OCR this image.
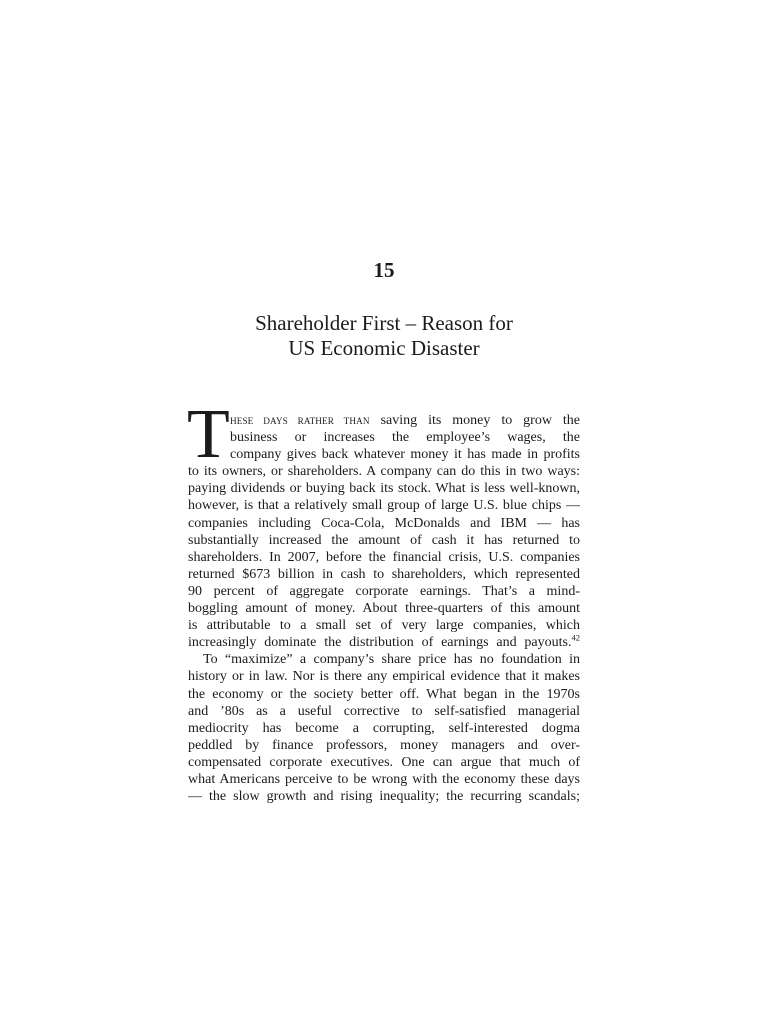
15
Shareholder First – Reason for
US Economic Disaster
T HESE DAYS RATHER THAN saving its money to grow the
business or increases the employee’s wages, the
company gives back whatever money it has made in profits
to its owners, or shareholders. A company can do this in two ways:
paying dividends or buying back its stock. What is less well-known,
however, is that a relatively small group of large U.S. blue chips —
companies including Coca-Cola, McDonalds and IBM — has
substantially increased the amount of cash it has returned to
shareholders. In 2007, before the financial crisis, U.S. companies
returned $673 billion in cash to shareholders, which represented
90 percent of aggregate corporate earnings. That’s a mind-
boggling amount of money. About three-quarters of this amount
is attributable to a small set of very large companies, which
increasingly dominate the distribution of earnings and payouts.$^{42}$
To “maximize” a company’s share price has no foundation in
history or in law. Nor is there any empirical evidence that it makes
the economy or the society better off. What began in the 1970s
and ’80s as a useful corrective to self-satisfied managerial
mediocrity has become a corrupting, self-interested dogma
peddled by finance professors, money managers and over-
compensated corporate executives. One can argue that much of
what Americans perceive to be wrong with the economy these days
— the slow growth and rising inequality; the recurring scandals;
